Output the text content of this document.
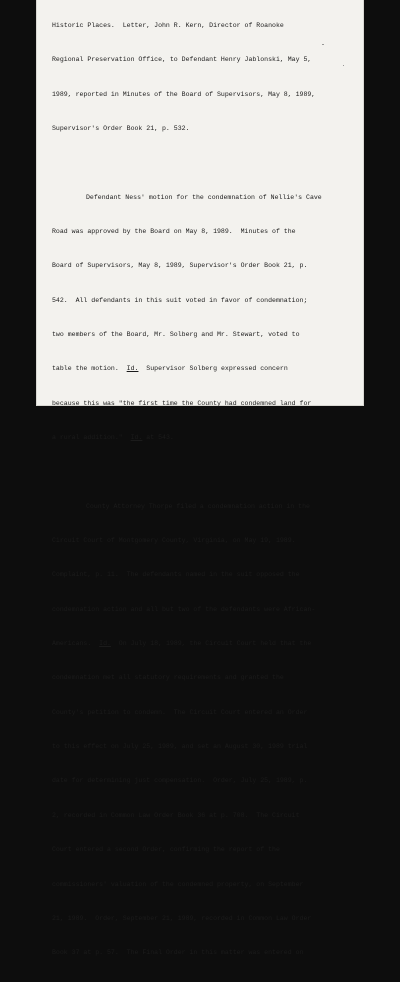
Historic Places.  Letter, John R. Kern, Director of Roanoke

Regional Preservation Office, to Defendant Henry Jablonski, May 5,

1989, reported in Minutes of the Board of Supervisors, May 8, 1989,

Supervisor's Order Book 21, p. 532.

Defendant Ness' motion for the condemnation of Nellie's Cave

Road was approved by the Board on May 8, 1989.  Minutes of the

Board of Supervisors, May 8, 1989, Supervisor's Order Book 21, p.

542.  All defendants in this suit voted in favor of condemnation;

two members of the Board, Mr. Solberg and Mr. Stewart, voted to

table the motion.  Id.  Supervisor Solberg expressed concern

because this was "the first time the County had condemned land for

a rural addition."  Id. at 543.

County Attorney Thorpe filed a condemnation action in the

Circuit Court of Montgomery County, Virginia, on May 19, 1989.

Complaint, p. 11.  The defendants named in the suit opposed the

condemnation action and all but two of the defendants were African-

Americans.  Id.  On July 18, 1989, the Circuit Court held that the

condemnation met all statutory requirements and granted the

County's petition to condemn.  The Circuit Court entered an Order

to this effect on July 25, 1989, and set an August 30, 1989 trial

date for determining just compensation.  Order, July 25, 1989, p.

2, recorded in Common Law Order Book 36 at p. 708.  The Circuit

Court entered a second Order, confirming the report of the

commissioners' valuation of the condemned property, on September

21, 1989.  Order, September 21, 1989, recorded in Common Law Order

Book 37 at p. 57.  The Final Order in this matter was entered on
